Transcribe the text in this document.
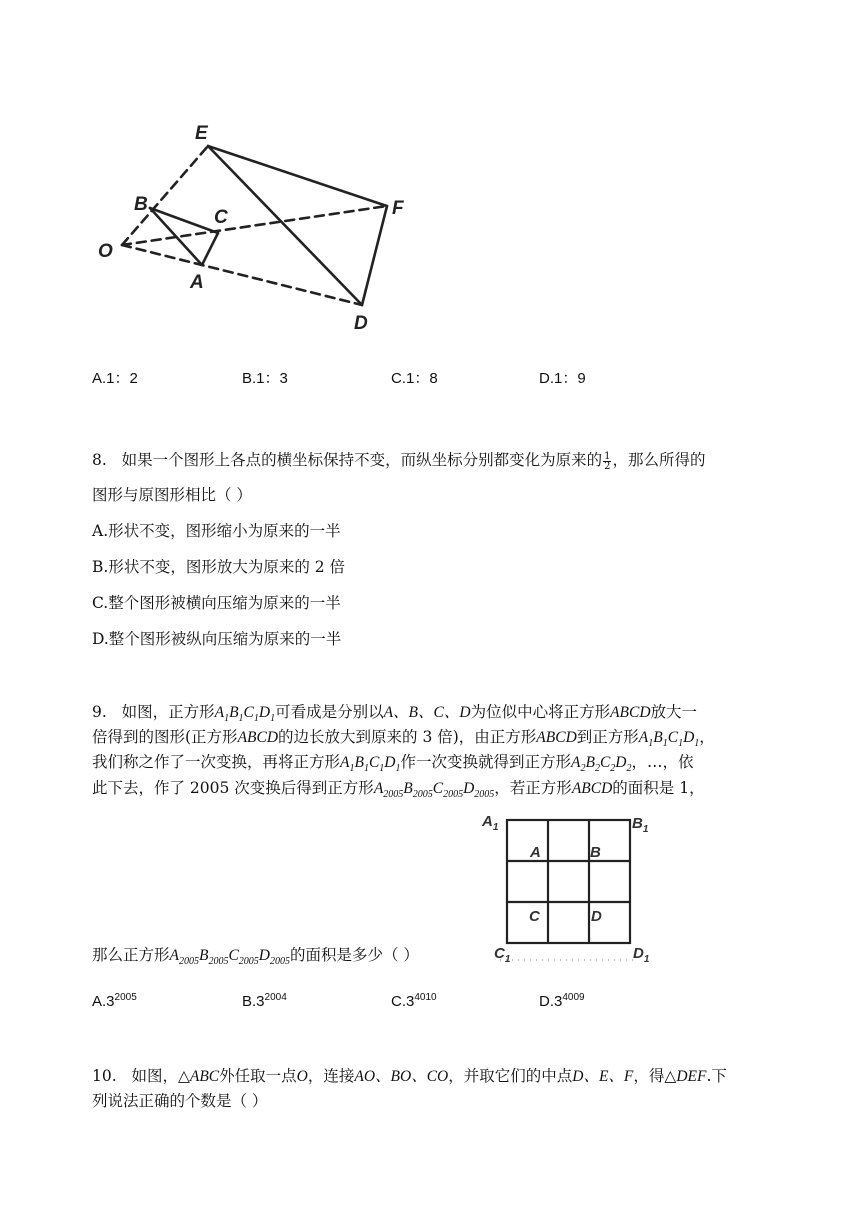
E
B
C	F
O
A
D
A.1：2	B.1：3	C.1：8	D.1：9
8. 如果一个图形上各点的横坐标保持不变，而纵坐标分别都变化为原来的 $\frac{1}{2}$ ，那么所得的
图形与原图形相比（ ）
A.形状不变，图形缩小为原来的一半
B.形状不变，图形放大为原来的 2 倍
C.整个图形被横向压缩为原来的一半
D.整个图形被纵向压缩为原来的一半
9. 如图，正方形$A_1B_1C_1D_1$可看成是分别以A、B、C、D为位似中心将正方形ABCD放大一
倍得到的图形(正方形ABCD的边长放大到原来的 3 倍)，由正方形ABCD到正方形$A_1B_1C_1D_1$，
我们称之作了一次变换，再将正方形$A_1B_1C_1D_1$作一次变换就得到正方形$A_2B_2C_2D_2$，…，依
此下去，作了 2005 次变换后得到正方形$A_{2005}B_{2005}C_{2005}D_{2005}$，若正方形ABCD的面积是 1，
$A_1$	$B_1$
$C_1$	$D_1$
A	B
C	D
那么正方形$A_{2005}B_{2005}C_{2005}D_{2005}$的面积是多少（ ）
$A.3^{2005}$	$B.3^{2004}$	$C.3^{4010}$	$D.3^{4009}$
10. 如图，△ABC外任取一点O，连接AO、BO、CO，并取它们的中点D、E、F，得△DEF.下
列说法正确的个数是（ ）
